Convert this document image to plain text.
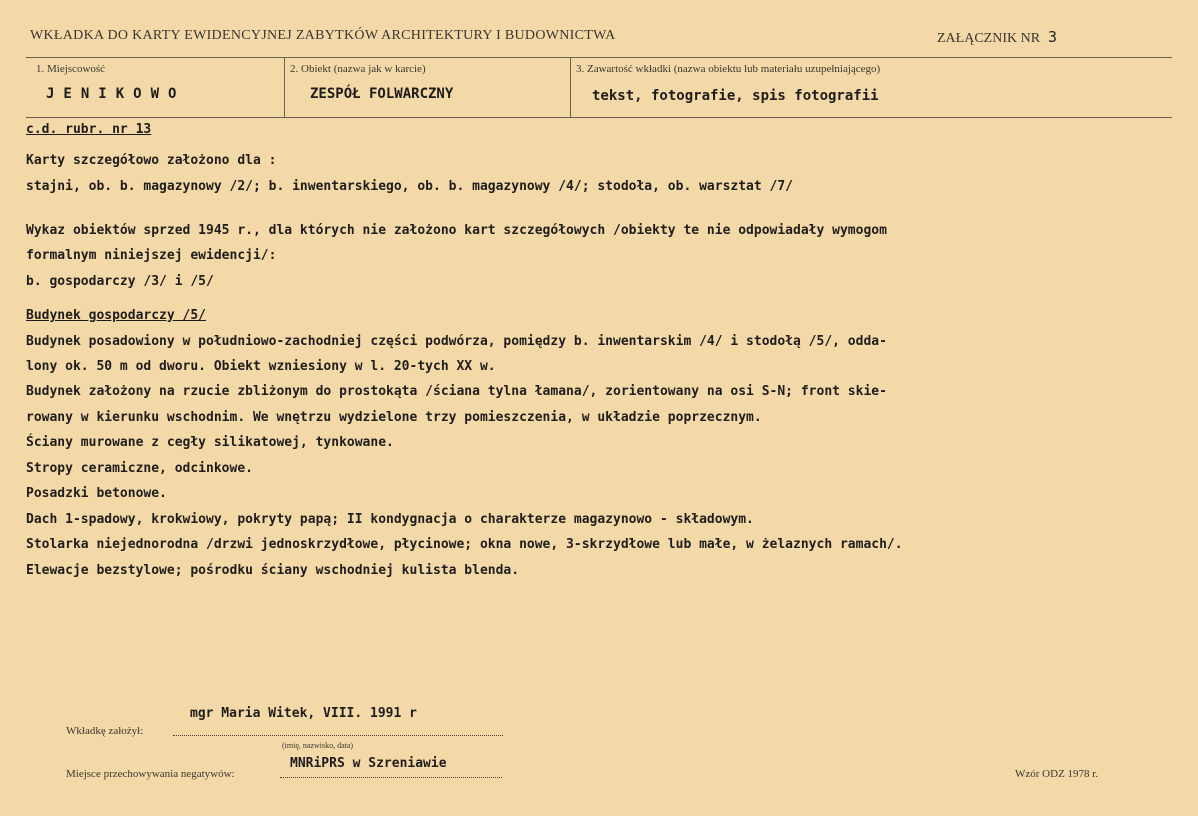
WKŁADKA DO KARTY EWIDENCYJNEJ ZABYTKÓW ARCHITEKTURY I BUDOWNICTWA	ZAŁĄCZNIK NR 3
1. Miejscowość
JENIKOWO
2. Obiekt (nazwa jak w karcie)
ZESPÓŁ FOLWARCZNY
3. Zawartość wkładki (nazwa obiektu lub materiału uzupełniającego)
tekst, fotografie, spis fotografii
c.d. rubr. nr 13
Karty szczegółowo założono dla :
stajni, ob. b. magazynowy /2/; b. inwentarskiego, ob. b. magazynowy /4/; stodoła, ob. warsztat /7/
Wykaz obiektów sprzed 1945 r., dla których nie założono kart szczegółowych /obiekty te nie odpowiadały wymogom
formalnym niniejszej ewidencji/:
b. gospodarczy /3/ i /5/
Budynek gospodarczy /5/
Budynek posadowiony w południowo-zachodniej części podwórza, pomiędzy b. inwentarskim /4/ i stodołą /5/, odda-
lony ok. 50 m od dworu. Obiekt wzniesiony w l. 20-tych XX w.
Budynek założony na rzucie zbliżonym do prostokąta /ściana tylna łamana/, zorientowany na osi S-N; front skie-
rowany w kierunku wschodnim. We wnętrzu wydzielone trzy pomieszczenia, w układzie poprzecznym.
Ściany murowane z cegły silikatowej, tynkowane.
Stropy ceramiczne, odcinkowe.
Posadzki betonowe.
Dach 1-spadowy, krokwiowy, pokryty papą; II kondygnacja o charakterze magazynowo - składowym.
Stolarka niejednorodna /drzwi jednoskrzydłowe, płycinowe; okna nowe, 3-skrzydłowe lub małe, w żelaznych ramach/.
Elewacje bezstylowe; pośrodku ściany wschodniej kulista blenda.
mgr Maria Witek, VIII. 1991 r
Wkładkę założył:
(imię, nazwisko, data)
MNRiPRS w Szreniawie
Miejsce przechowywania negatywów:	Wzór ODZ 1978 r.
